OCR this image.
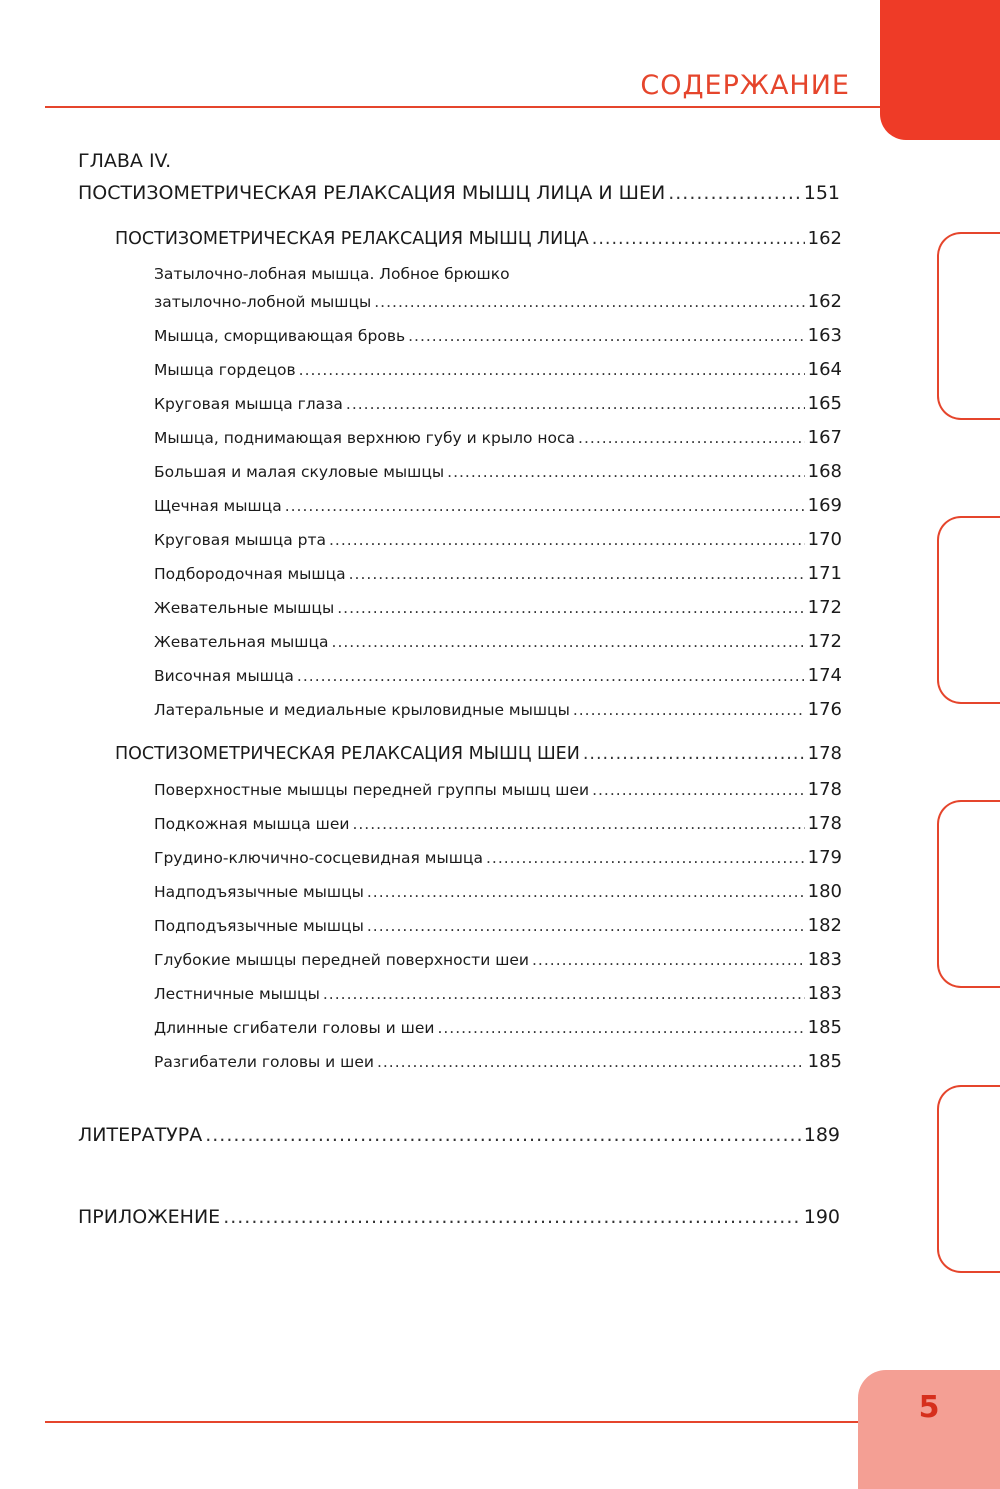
СОДЕРЖАНИЕ
5
ГЛАВА IV.
ПОСТИЗОМЕТРИЧЕСКАЯ РЕЛАКСАЦИЯ МЫШЦ ЛИЦА И ШЕИ .....	151
ПОСТИЗОМЕТРИЧЕСКАЯ РЕЛАКСАЦИЯ МЫШЦ ЛИЦА .....	162
Затылочно-лобная мышца. Лобное брюшко
затылочно-лобной мышцы .....	162
Мышца, сморщивающая бровь .....	163
Мышца гордецов .....	164
Круговая мышца глаза .....	165
Мышца, поднимающая верхнюю губу и крыло носа .....	167
Большая и малая скуловые мышцы .....	168
Щечная мышца .....	169
Круговая мышца рта .....	170
Подбородочная мышца .....	171
Жевательные мышцы .....	172
Жевательная мышца .....	172
Височная мышца .....	174
Латеральные и медиальные крыловидные мышцы .....	176
ПОСТИЗОМЕТРИЧЕСКАЯ РЕЛАКСАЦИЯ МЫШЦ ШЕИ .....	178
Поверхностные мышцы передней группы мышц шеи .....	178
Подкожная мышца шеи .....	178
Грудино-ключично-сосцевидная мышца .....	179
Надподъязычные мышцы .....	180
Подподъязычные мышцы .....	182
Глубокие мышцы передней поверхности шеи .....	183
Лестничные мышцы .....	183
Длинные сгибатели головы и шеи .....	185
Разгибатели головы и шеи .....	185
ЛИТЕРАТУРА .....	189
ПРИЛОЖЕНИЕ .....	190
